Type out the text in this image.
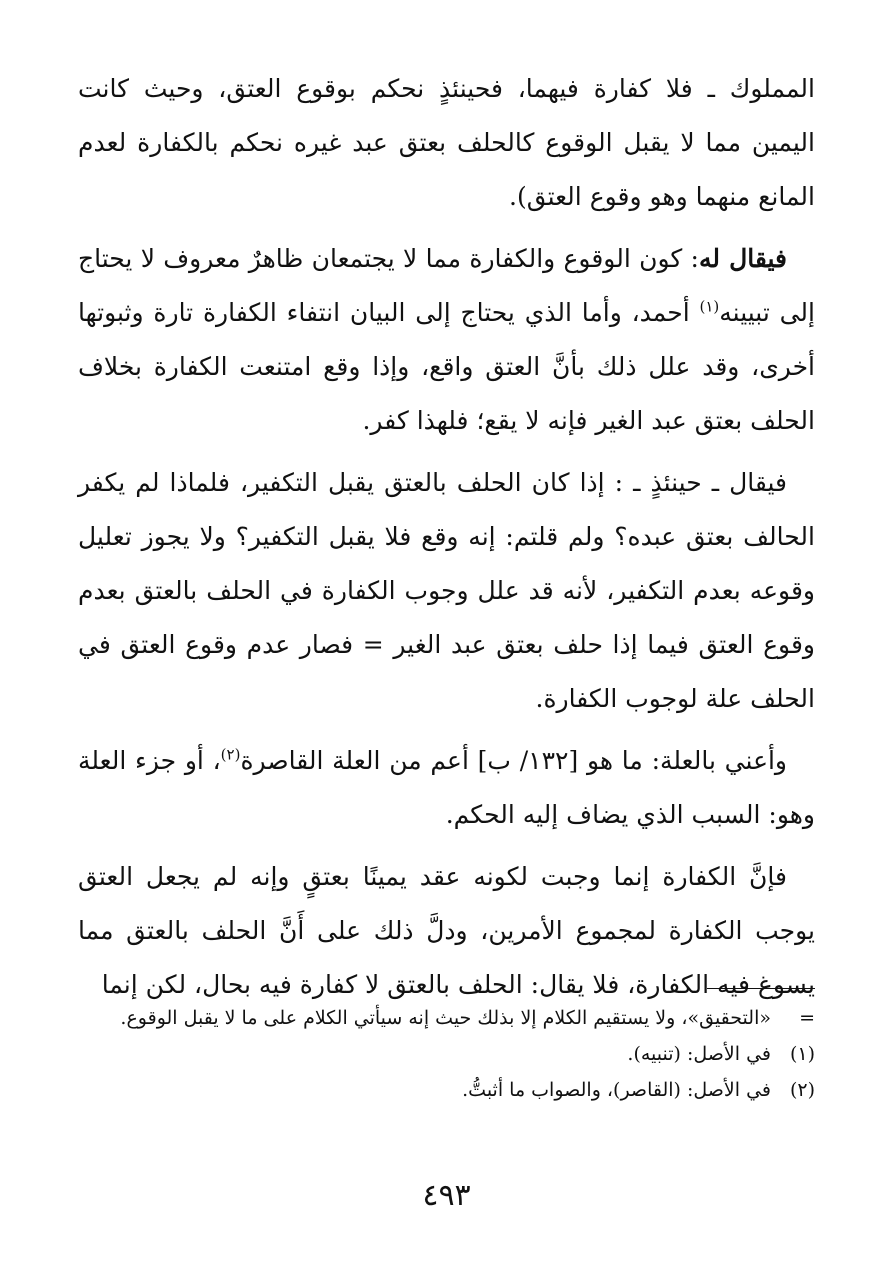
المملوك ـ فلا كفارة فيهما، فحينئذٍ نحكم بوقوع العتق، وحيث كانت اليمين مما لا يقبل الوقوع كالحلف بعتق عبد غيره نحكم بالكفارة لعدم المانع منهما وهو وقوع العتق).

فيقال له: كون الوقوع والكفارة مما لا يجتمعان ظاهرٌ معروف لا يحتاج إلى تبيينه$^{(١)}$ أحمد، وأما الذي يحتاج إلى البيان انتفاء الكفارة تارة وثبوتها أخرى، وقد علل ذلك بأنَّ العتق واقع، وإذا وقع امتنعت الكفارة بخلاف الحلف بعتق عبد الغير فإنه لا يقع؛ فلهذا كفر.

فيقال ـ حينئذٍ ـ : إذا كان الحلف بالعتق يقبل التكفير، فلماذا لم يكفر الحالف بعتق عبده؟ ولم قلتم: إنه وقع فلا يقبل التكفير؟ ولا يجوز تعليل وقوعه بعدم التكفير، لأنه قد علل وجوب الكفارة في الحلف بالعتق بعدم وقوع العتق فيما إذا حلف بعتق عبد الغير = فصار عدم وقوع العتق في الحلف علة لوجوب الكفارة.

وأعني بالعلة: ما هو [١٣٢/ ب] أعم من العلة القاصرة$^{(٢)}$، أو جزء العلة وهو: السبب الذي يضاف إليه الحكم.

فإنَّ الكفارة إنما وجبت لكونه عقد يمينًا بعتقٍ وإنه لم يجعل العتق يوجب الكفارة لمجموع الأمرين، ودلَّ ذلك على أَنَّ الحلف بالعتق مما يسوغ فيه الكفارة، فلا يقال: الحلف بالعتق لا كفارة فيه بحال، لكن إنما

=
«التحقيق»، ولا يستقيم الكلام إلا بذلك حيث إنه سيأتي الكلام على ما لا يقبل الوقوع.
(١)
في الأصل: (تنبيه).
(٢)
في الأصل: (القاصر)، والصواب ما أثبتُّ.
٤٩٣
